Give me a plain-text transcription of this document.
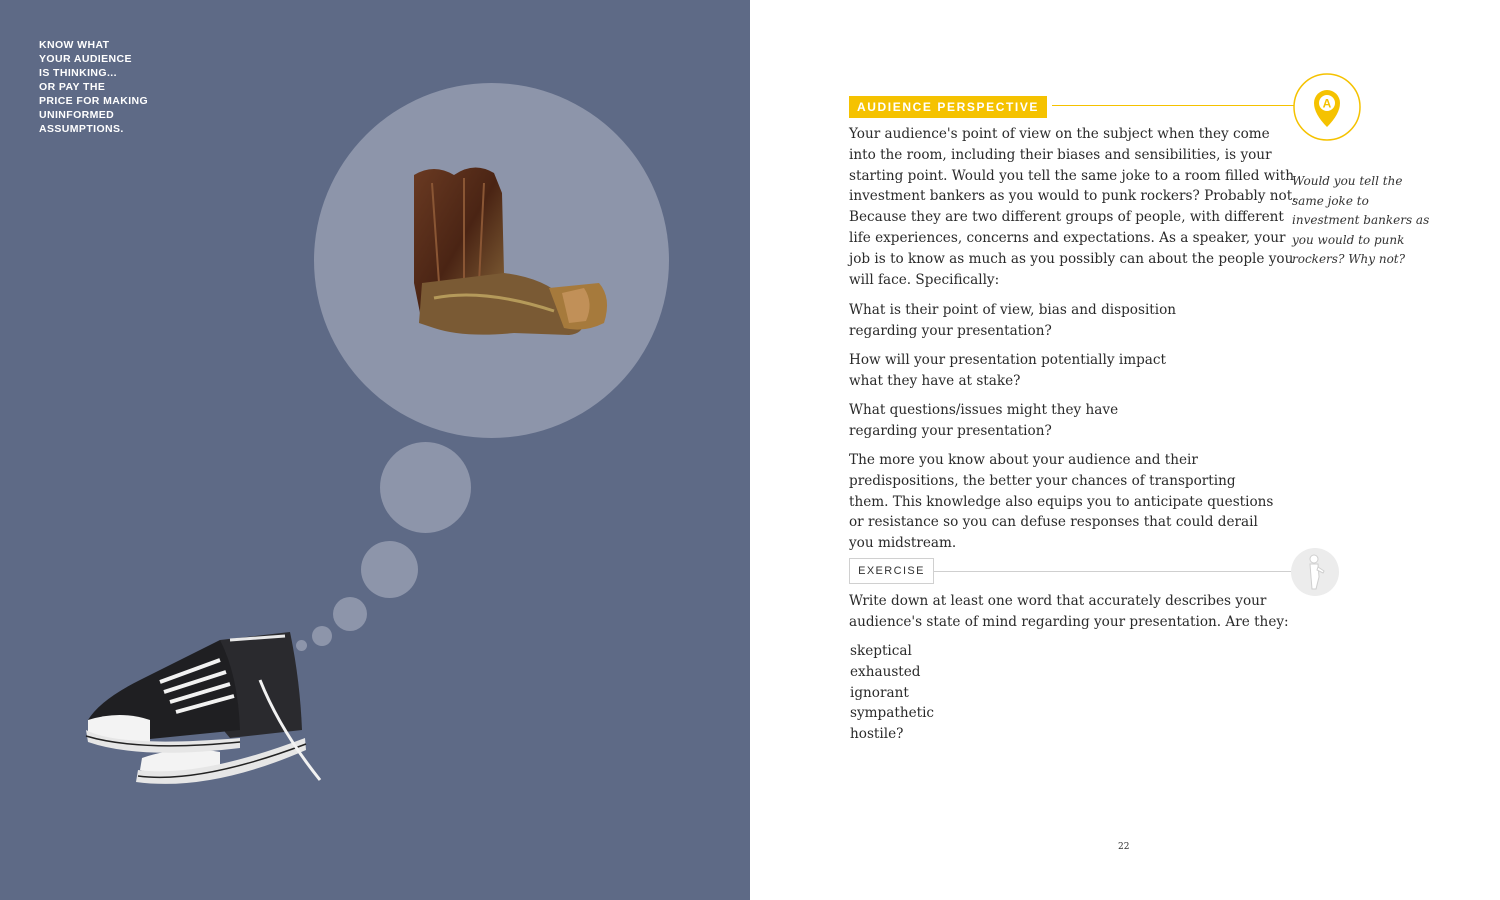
KNOW WHAT
YOUR AUDIENCE
IS THINKING...
OR PAY THE
PRICE FOR MAKING
UNINFORMED
ASSUMPTIONS.
AUDIENCE PERSPECTIVE	A
Your audience's point of view on the subject when they come
into the room, including their biases and sensibilities, is your
starting point. Would you tell the same joke to a room filled with
investment bankers as you would to punk rockers? Probably not.
Because they are two different groups of people, with different
life experiences, concerns and expectations. As a speaker, your
job is to know as much as you possibly can about the people you
will face. Specifically:
Would you tell the
same joke to
investment bankers as
you would to punk
rockers? Why not?
What is their point of view, bias and disposition
regarding your presentation?
How will your presentation potentially impact
what they have at stake?
What questions/issues might they have
regarding your presentation?
The more you know about your audience and their
predispositions, the better your chances of transporting
them. This knowledge also equips you to anticipate questions
or resistance so you can defuse responses that could derail
you midstream.
EXERCISE
Write down at least one word that accurately describes your
audience's state of mind regarding your presentation. Are they:
skeptical
exhausted
ignorant
sympathetic
hostile?
22
